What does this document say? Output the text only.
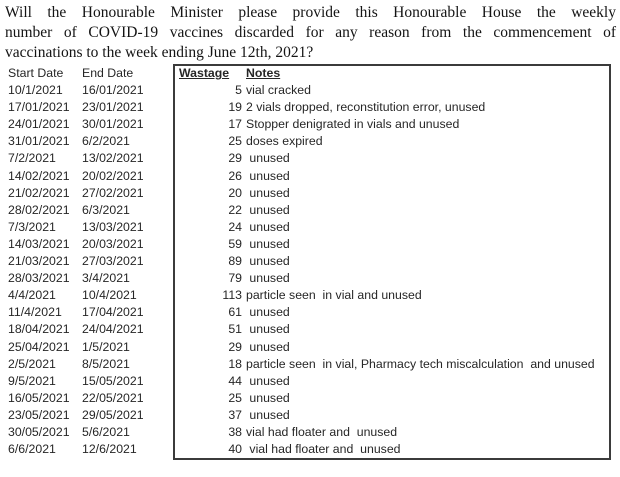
Will the Honourable Minister please provide this Honourable House the weekly
number of COVID-19 vaccines discarded for any reason from the commencement of
vaccinations to the week ending June 12th, 2021?
Start Date	End Date	Wastage	Notes
10/1/2021	16/01/2021	5 vial cracked
17/01/2021	23/01/2021	19 2 vials dropped, reconstitution error, unused
24/01/2021	30/01/2021	17 Stopper denigrated in vials and unused
31/01/2021	6/2/2021	25 doses expired
7/2/2021	13/02/2021	29 unused
14/02/2021	20/02/2021	26 unused
21/02/2021	27/02/2021	20 unused
28/02/2021	6/3/2021	22 unused
7/3/2021	13/03/2021	24 unused
14/03/2021	20/03/2021	59 unused
21/03/2021	27/03/2021	89 unused
28/03/2021	3/4/2021	79 unused
4/4/2021	10/4/2021	113 particle seen  in vial and unused
11/4/2021	17/04/2021	61 unused
18/04/2021	24/04/2021	51 unused
25/04/2021	1/5/2021	29 unused
2/5/2021	8/5/2021	18 particle seen  in vial, Pharmacy tech miscalculation  and unused
9/5/2021	15/05/2021	44 unused
16/05/2021	22/05/2021	25 unused
23/05/2021	29/05/2021	37 unused
30/05/2021	5/6/2021	38 vial had floater and  unused
6/6/2021	12/6/2021	40 vial had floater and  unused
